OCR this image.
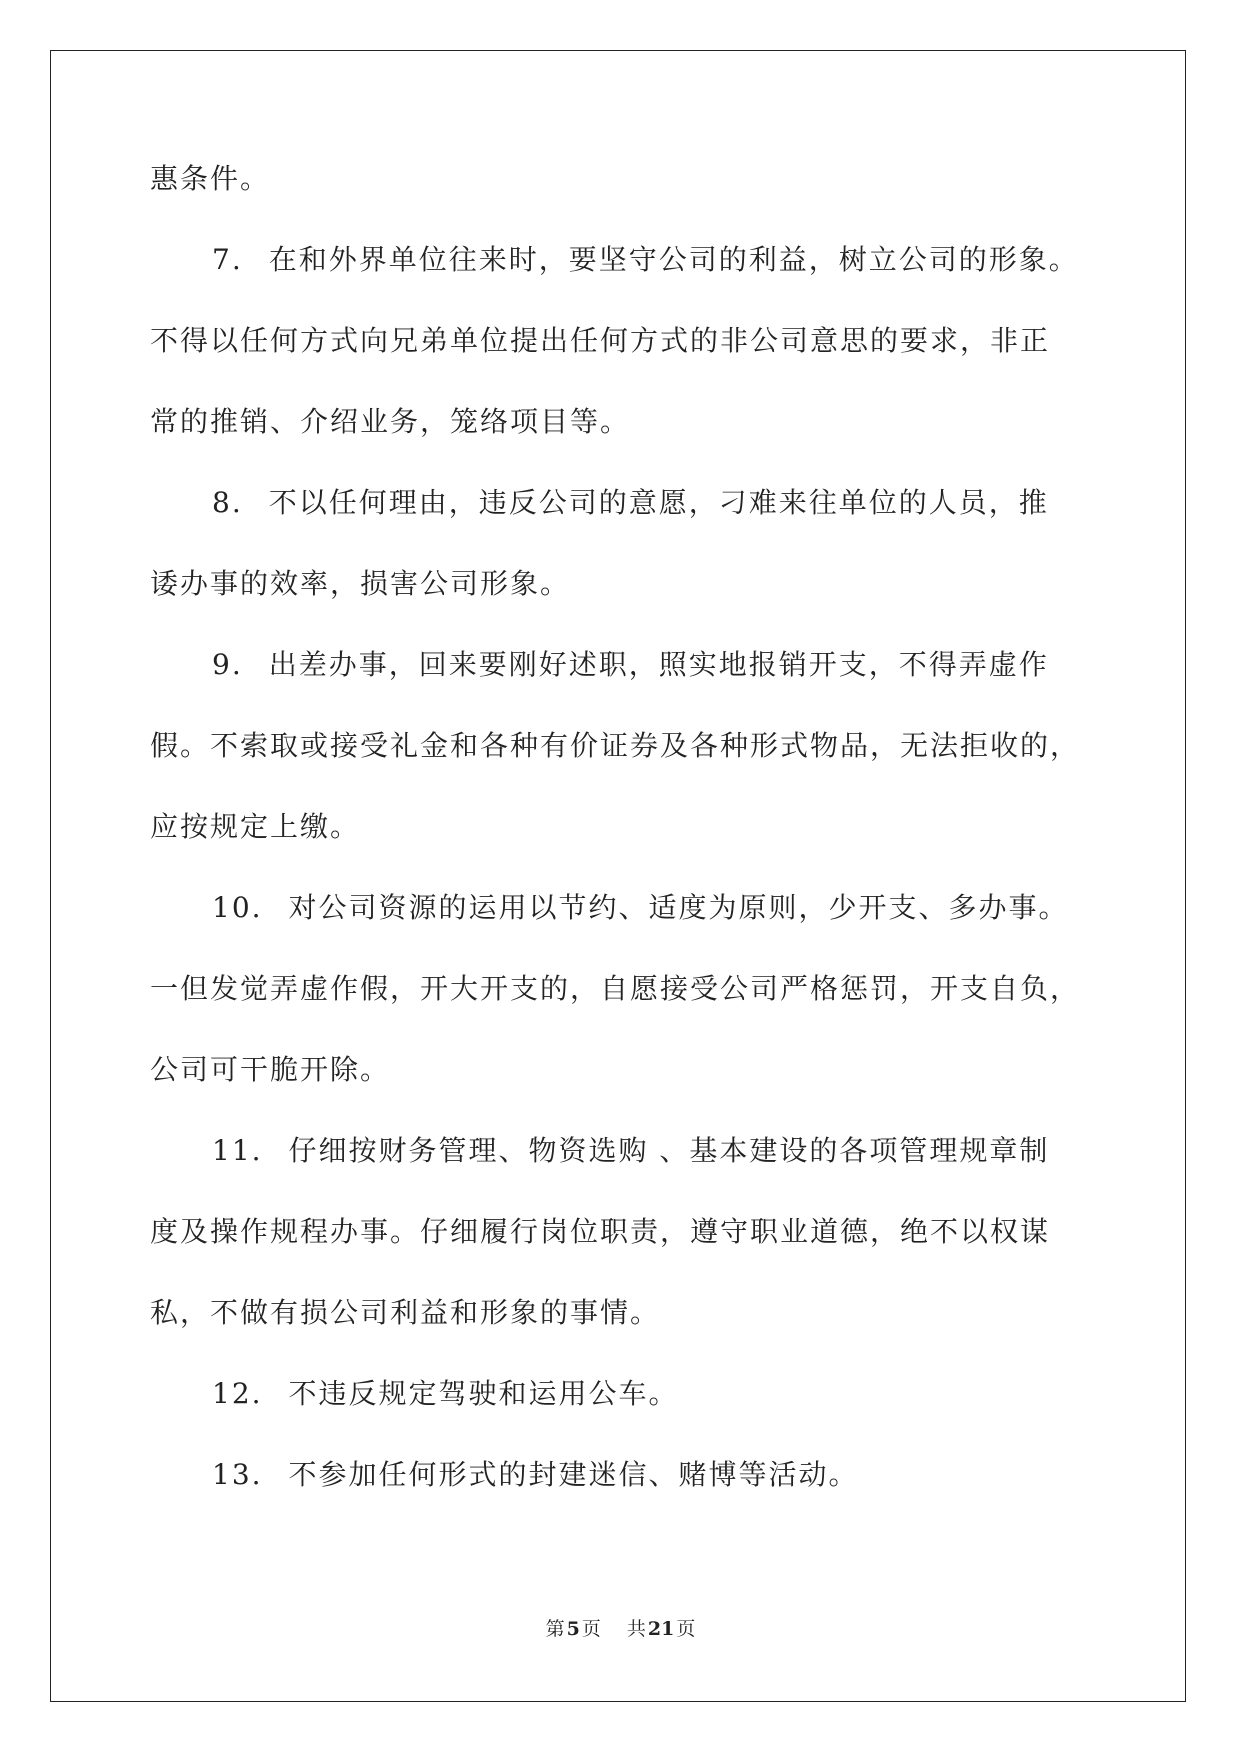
惠条件。
7. 在和外界单位往来时，要坚守公司的利益，树立公司的形象。
不得以任何方式向兄弟单位提出任何方式的非公司意思的要求，非正
常的推销、介绍业务，笼络项目等。
8. 不以任何理由，违反公司的意愿，刁难来往单位的人员，推
诿办事的效率，损害公司形象。
9. 出差办事，回来要刚好述职，照实地报销开支，不得弄虚作
假。不索取或接受礼金和各种有价证券及各种形式物品，无法拒收的，
应按规定上缴。
10. 对公司资源的运用以节约、适度为原则，少开支、多办事。
一但发觉弄虚作假，开大开支的，自愿接受公司严格惩罚，开支自负，
公司可干脆开除。
11. 仔细按财务管理、物资选购 、基本建设的各项管理规章制
度及操作规程办事。仔细履行岗位职责，遵守职业道德，绝不以权谋
私，不做有损公司利益和形象的事情。
12. 不违反规定驾驶和运用公车。
13. 不参加任何形式的封建迷信、赌博等活动。
第 5 页 共 21 页
